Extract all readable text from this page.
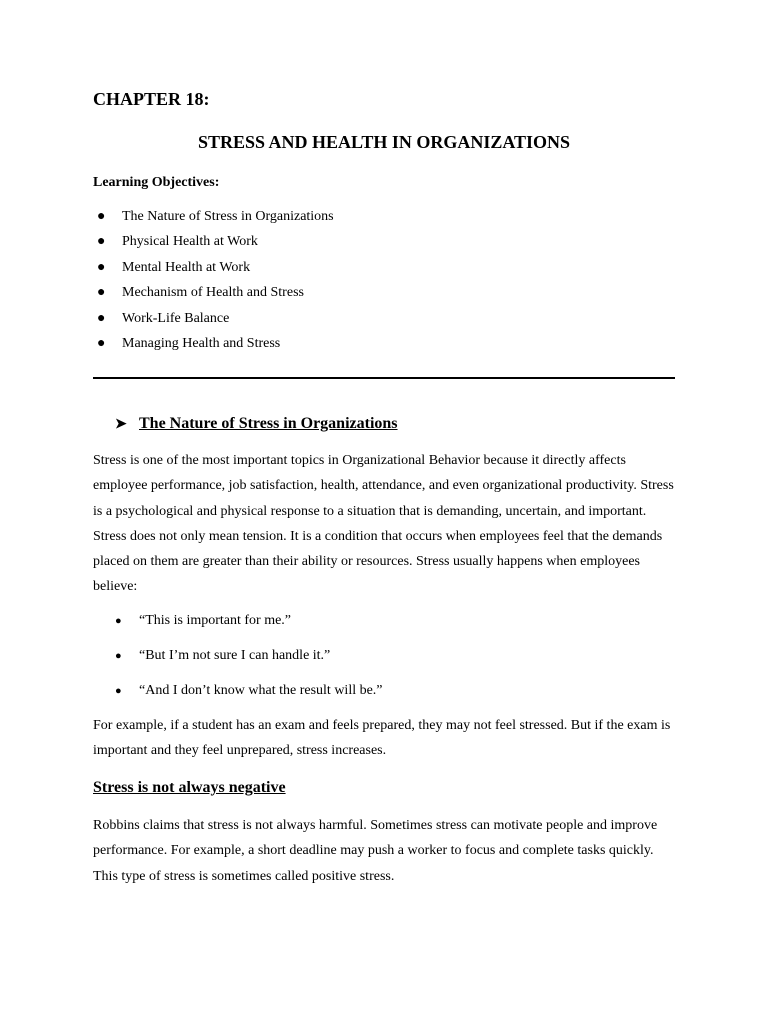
CHAPTER 18:
STRESS AND HEALTH IN ORGANIZATIONS
Learning Objectives:
● The Nature of Stress in Organizations
● Physical Health at Work
● Mental Health at Work
● Mechanism of Health and Stress
● Work-Life Balance
● Managing Health and Stress
➤ The Nature of Stress in Organizations

Stress is one of the most important topics in Organizational Behavior because it directly affects employee performance, job satisfaction, health, attendance, and even organizational productivity. Stress is a psychological and physical response to a situation that is demanding, uncertain, and important. Stress does not only mean tension. It is a condition that occurs when employees feel that the demands placed on them are greater than their ability or resources. Stress usually happens when employees believe:

● “This is important for me.”
● “But I’m not sure I can handle it.”
● “And I don’t know what the result will be.”

For example, if a student has an exam and feels prepared, they may not feel stressed. But if the exam is important and they feel unprepared, stress increases.

Stress is not always negative

Robbins claims that stress is not always harmful. Sometimes stress can motivate people and improve performance. For example, a short deadline may push a worker to focus and complete tasks quickly. This type of stress is sometimes called positive stress.
